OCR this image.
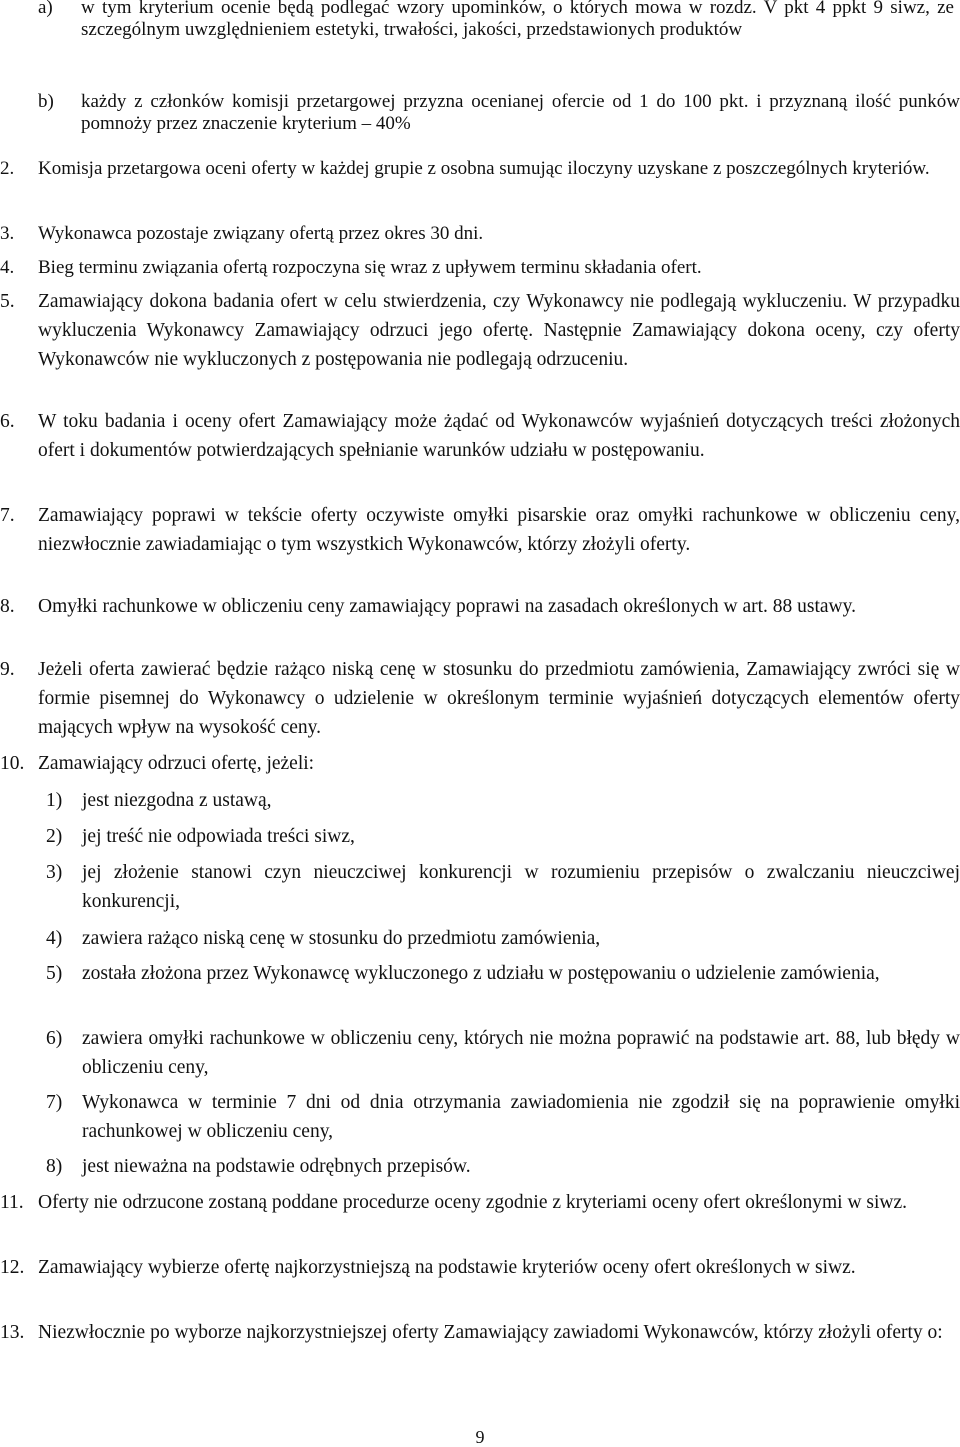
a)	w tym kryterium ocenie będą podlegać wzory upominków, o których mowa w rozdz. V pkt 4 ppkt 9 siwz, ze szczególnym uwzględnieniem estetyki, trwałości, jakości, przedstawionych produktów
b)	każdy z członków komisji przetargowej przyzna ocenianej ofercie od 1 do 100 pkt. i przyznaną ilość punków pomnoży przez znaczenie kryterium – 40%
2.	Komisja przetargowa oceni oferty w każdej grupie z osobna sumując iloczyny uzyskane z poszczególnych kryteriów.
3.	Wykonawca pozostaje związany ofertą przez okres 30 dni.
4.	Bieg terminu związania ofertą rozpoczyna się wraz z upływem terminu składania ofert.
5.	Zamawiający dokona badania ofert w celu stwierdzenia, czy Wykonawcy nie podlegają wykluczeniu. W przypadku wykluczenia Wykonawcy Zamawiający odrzuci jego ofertę. Następnie Zamawiający dokona oceny, czy oferty Wykonawców nie wykluczonych z postępowania nie podlegają odrzuceniu.
6.	W toku badania i oceny ofert Zamawiający może żądać od Wykonawców wyjaśnień dotyczących treści złożonych ofert i dokumentów potwierdzających spełnianie warunków udziału w postępowaniu.
7.	Zamawiający poprawi w tekście oferty oczywiste omyłki pisarskie oraz omyłki rachunkowe w obliczeniu ceny, niezwłocznie zawiadamiając o tym wszystkich Wykonawców, którzy złożyli oferty.
8.	Omyłki rachunkowe w obliczeniu ceny zamawiający poprawi na zasadach określonych w art. 88 ustawy.
9.	Jeżeli oferta zawierać będzie rażąco niską cenę w stosunku do przedmiotu zamówienia, Zamawiający zwróci się w formie pisemnej do Wykonawcy o udzielenie w określonym terminie wyjaśnień dotyczących elementów oferty mających wpływ na wysokość ceny.
10. Zamawiający odrzuci ofertę, jeżeli:
1)	jest niezgodna z ustawą,
2)	jej treść nie odpowiada treści siwz,
3)	jej złożenie stanowi czyn nieuczciwej konkurencji w rozumieniu przepisów o zwalczaniu nieuczciwej konkurencji,
4)	zawiera rażąco niską cenę w stosunku do przedmiotu zamówienia,
5)	została złożona przez Wykonawcę wykluczonego z udziału w postępowaniu o udzielenie zamówienia,
6)	zawiera omyłki rachunkowe w obliczeniu ceny, których nie można poprawić na podstawie art. 88, lub błędy w obliczeniu ceny,
7)	Wykonawca w terminie 7 dni od dnia otrzymania zawiadomienia nie zgodził się na poprawienie omyłki rachunkowej w obliczeniu ceny,
8)	jest nieważna na podstawie odrębnych przepisów.
11. Oferty nie odrzucone zostaną poddane procedurze oceny zgodnie z kryteriami oceny ofert określonymi w siwz.
12. Zamawiający wybierze ofertę najkorzystniejszą na podstawie kryteriów oceny ofert określonych w siwz.
13. Niezwłocznie po wyborze najkorzystniejszej oferty Zamawiający zawiadomi Wykonawców, którzy złożyli oferty o:
9
